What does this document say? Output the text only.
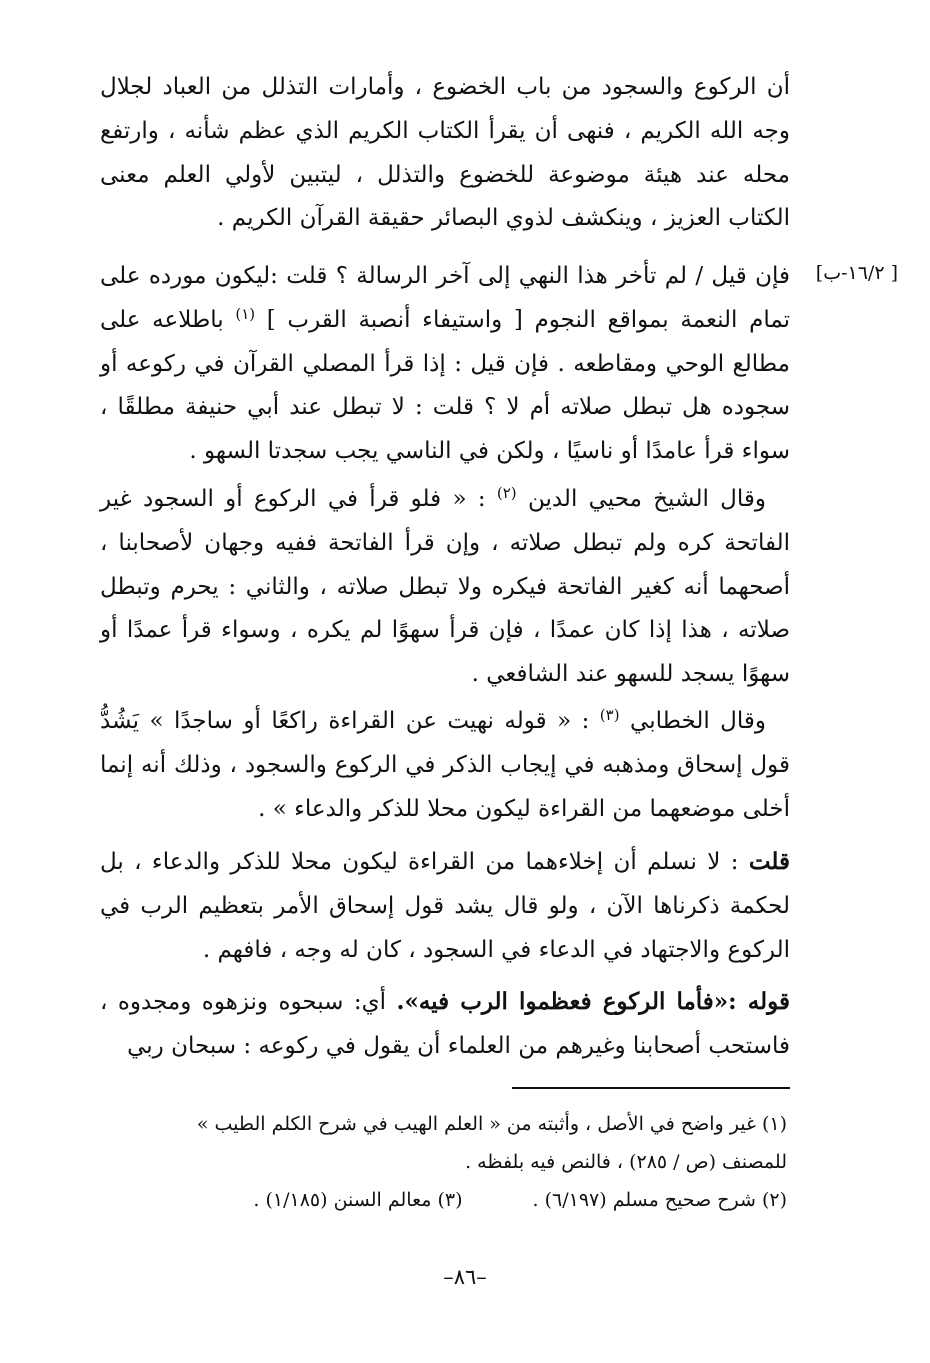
[ ١٦/٢-ب]

أن الركوع والسجود من باب الخضوع ، وأمارات التذلل من العباد لجلال وجه الله الكريم ، فنهى أن يقرأ الكتاب الكريم الذي عظم شأنه ، وارتفع محله عند هيئة موضوعة للخضوع والتذلل ، ليتبين لأولي العلم معنى الكتاب العزيز ، وينكشف لذوي البصائر حقيقة القرآن الكريم .

فإن قيل / لم تأخر هذا النهي إلى آخر الرسالة ؟ قلت :ليكون مورده على تمام النعمة بمواقع النجوم [ واستيفاء أنصبة القرب ] $^{(١)}$ باطلاعه على مطالع الوحي ومقاطعه . فإن قيل : إذا قرأ المصلي القرآن في ركوعه أو سجوده هل تبطل صلاته أم لا ؟ قلت : لا تبطل عند أبي حنيفة مطلقًا ، سواء قرأ عامدًا أو ناسيًا ، ولكن في الناسي يجب سجدتا السهو .

وقال الشيخ محيي الدين $^{(٢)}$ : « فلو قرأ في الركوع أو السجود غير الفاتحة كره ولم تبطل صلاته ، وإن قرأ الفاتحة ففيه وجهان لأصحابنا ، أصحهما أنه كغير الفاتحة فيكره ولا تبطل صلاته ، والثاني : يحرم وتبطل صلاته ، هذا إذا كان عمدًا ، فإن قرأ سهوًا لم يكره ، وسواء قرأ عمدًا أو سهوًا يسجد للسهو عند الشافعي .

وقال الخطابي $^{(٣)}$ : « قوله نهيت عن القراءة راكعًا أو ساجدًا » يَشُدُّ قول إسحاق ومذهبه في إيجاب الذكر في الركوع والسجود ، وذلك أنه إنما أخلى موضعهما من القراءة ليكون محلا للذكر والدعاء » .

قلت : لا نسلم أن إخلاءهما من القراءة ليكون محلا للذكر والدعاء ، بل لحكمة ذكرناها الآن ، ولو قال يشد قول إسحاق الأمر بتعظيم الرب في الركوع والاجتهاد في الدعاء في السجود ، كان له وجه ، فافهم .

قوله :«فأما الركوع فعظموا الرب فيه». أي: سبحوه ونزهوه ومجدوه ، فاستحب أصحابنا وغيرهم من العلماء أن يقول في ركوعه : سبحان ربي

(١) غير واضح في الأصل ، وأثبته من « العلم الهيب في شرح الكلم الطيب »

للمصنف (ص / ٢٨٥) ، فالنص فيه بلفظه .

(٢) شرح صحيح مسلم (٦/١٩٧) .(٣) معالم السنن (١/١٨٥) .

–٨٦–
